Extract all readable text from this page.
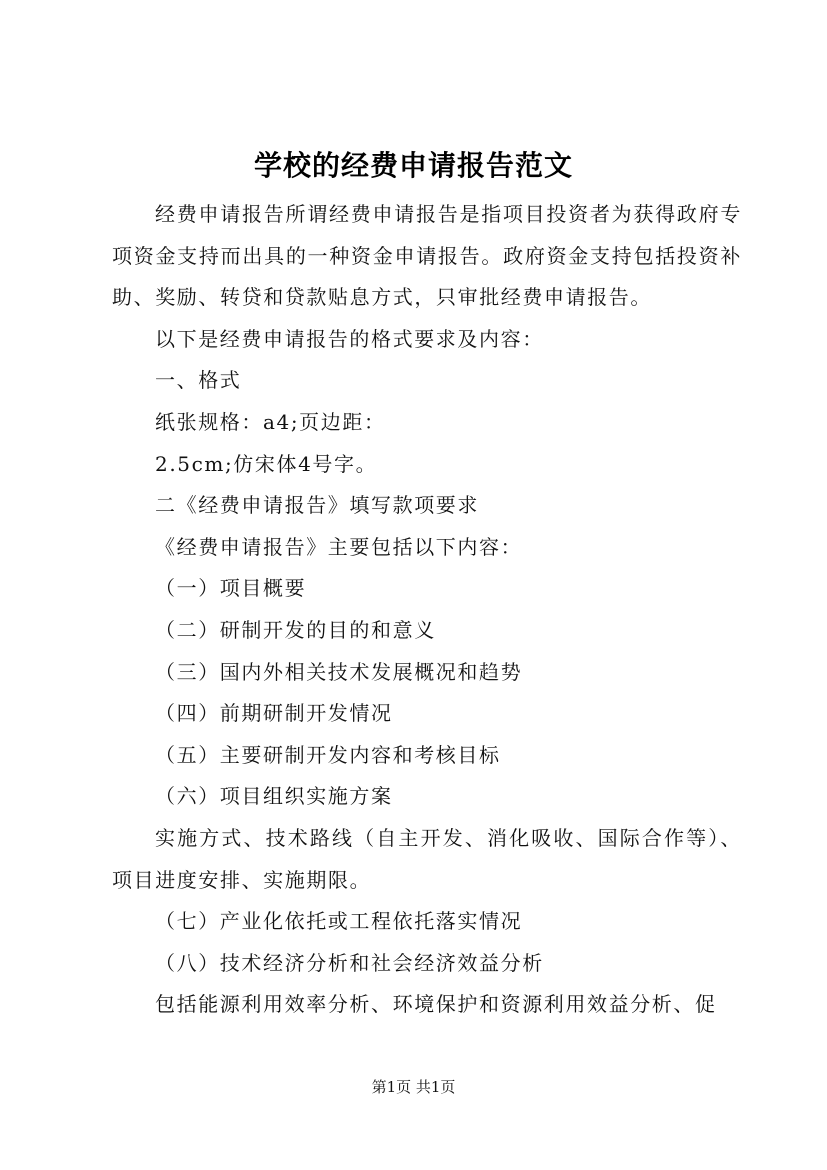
学校的经费申请报告范文

经费申请报告所谓经费申请报告是指项目投资者为获得政府专项资金支持而出具的一种资金申请报告。政府资金支持包括投资补助、奖励、转贷和贷款贴息方式，只审批经费申请报告。

以下是经费申请报告的格式要求及内容：

一、格式

纸张规格：a4;页边距：

2.5cm;仿宋体4号字。

二《经费申请报告》填写款项要求

《经费申请报告》主要包括以下内容：

（一）项目概要

（二）研制开发的目的和意义

（三）国内外相关技术发展概况和趋势

（四）前期研制开发情况

（五）主要研制开发内容和考核目标

（六）项目组织实施方案

实施方式、技术路线（自主开发、消化吸收、国际合作等）、项目进度安排、实施期限。

（七）产业化依托或工程依托落实情况

（八）技术经济分析和社会经济效益分析

包括能源利用效率分析、环境保护和资源利用效益分析、促

第1页 共1页
